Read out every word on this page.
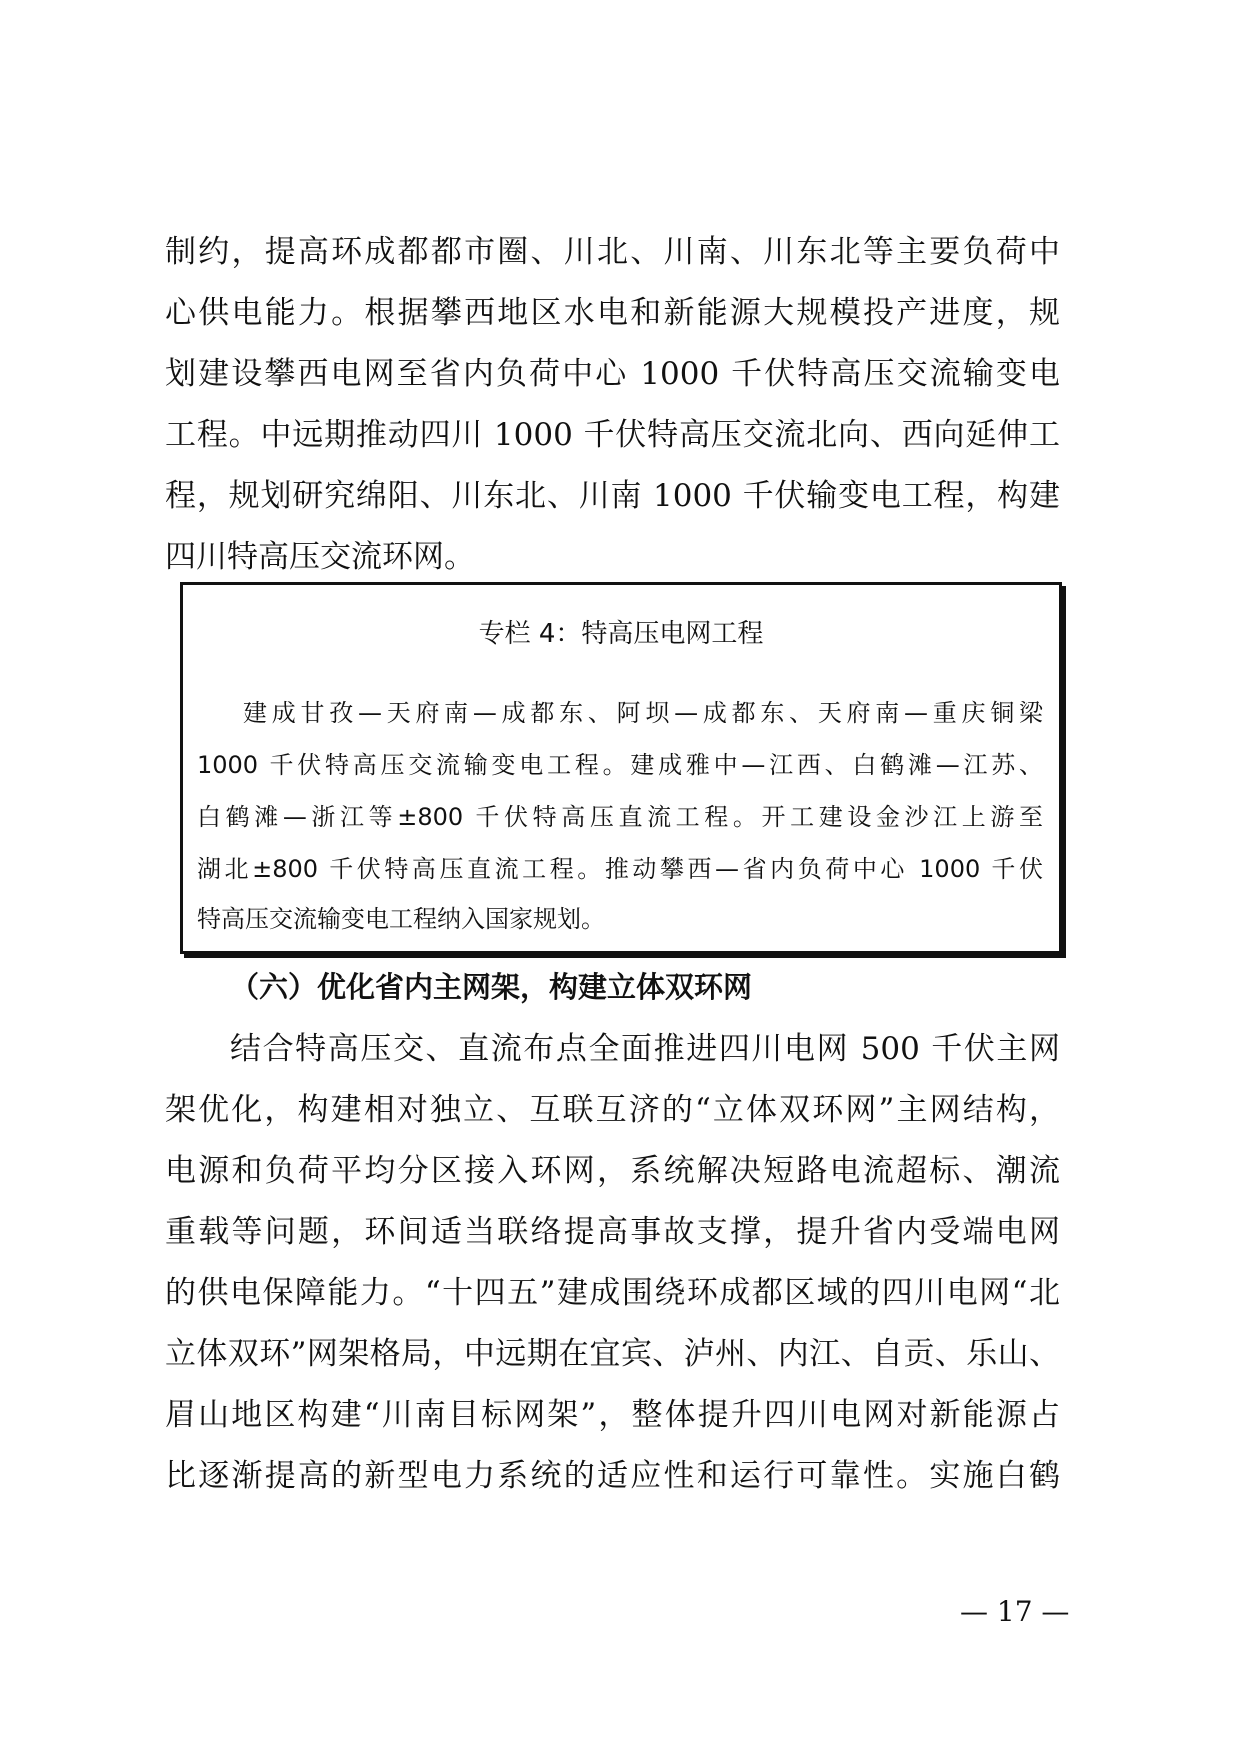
制约，提高环成都都市圈、川北、川南、川东北等主要负荷中
心供电能力。根据攀西地区水电和新能源大规模投产进度，规
划建设攀西电网至省内负荷中心 1000 千伏特高压交流输变电
工程。中远期推动四川 1000 千伏特高压交流北向、西向延伸工
程，规划研究绵阳、川东北、川南 1000 千伏输变电工程，构建
四川特高压交流环网。
专栏 4：特高压电网工程
建成甘孜—天府南—成都东、阿坝—成都东、天府南—重庆铜梁
1000 千伏特高压交流输变电工程。建成雅中—江西、白鹤滩—江苏、
白鹤滩—浙江等±800 千伏特高压直流工程。开工建设金沙江上游至
湖北±800 千伏特高压直流工程。推动攀西—省内负荷中心 1000 千伏
特高压交流输变电工程纳入国家规划。
（六）优化省内主网架，构建立体双环网
结合特高压交、直流布点全面推进四川电网 500 千伏主网
架优化，构建相对独立、互联互济的“立体双环网”主网结构，
电源和负荷平均分区接入环网，系统解决短路电流超标、潮流
重载等问题，环间适当联络提高事故支撑，提升省内受端电网
的供电保障能力。“十四五”建成围绕环成都区域的四川电网“北
立体双环”网架格局，中远期在宜宾、泸州、内江、自贡、乐山、
眉山地区构建“川南目标网架”，整体提升四川电网对新能源占
比逐渐提高的新型电力系统的适应性和运行可靠性。实施白鹤
— 17 —
